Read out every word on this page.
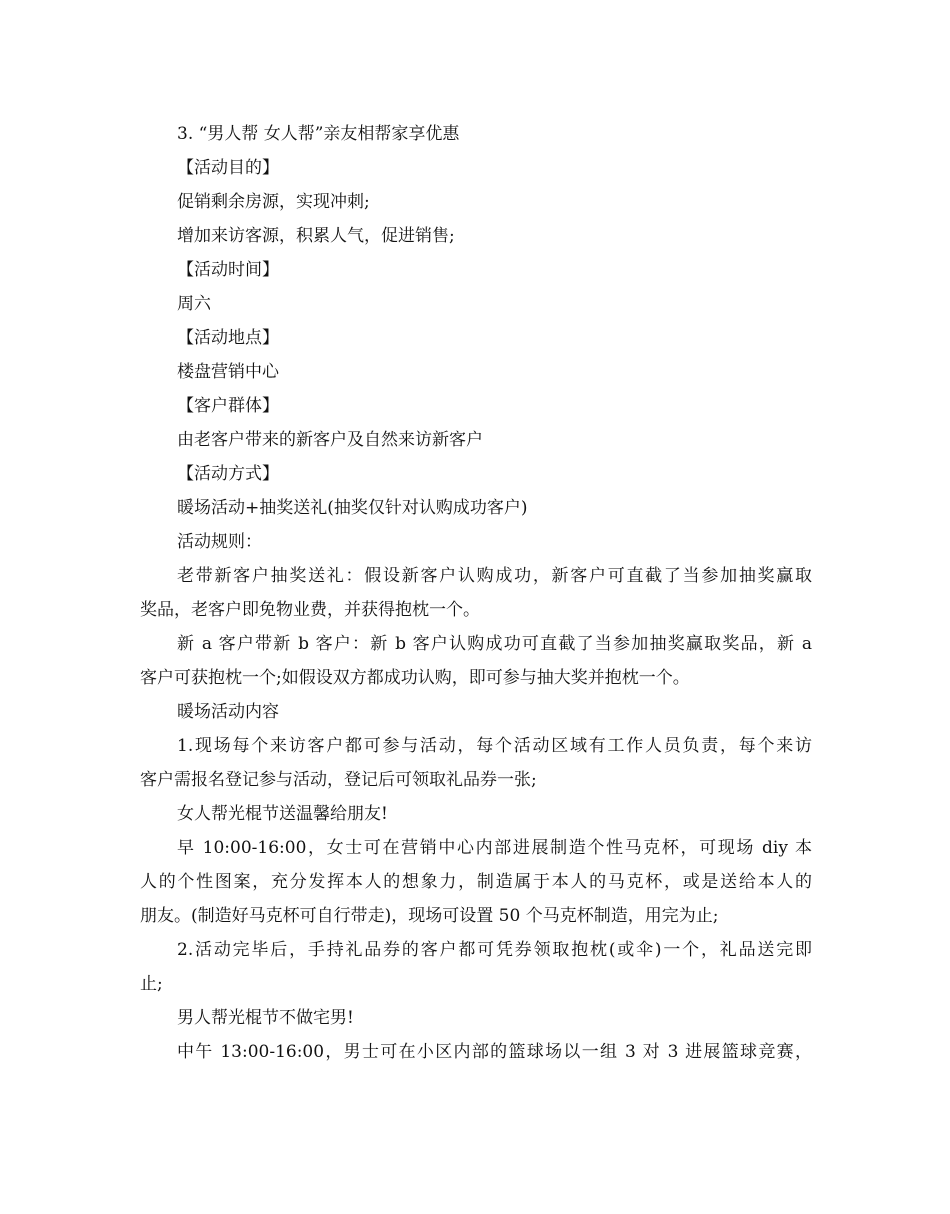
3. “男人帮 女人帮”亲友相帮家享优惠
【活动目的】
促销剩余房源，实现冲刺;
增加来访客源，积累人气，促进销售;
【活动时间】
周六
【活动地点】
楼盘营销中心
【客户群体】
由老客户带来的新客户及自然来访新客户
【活动方式】
暖场活动+抽奖送礼(抽奖仅针对认购成功客户)
活动规则：
老带新客户抽奖送礼：假设新客户认购成功，新客户可直截了当参加抽奖赢取
奖品，老客户即免物业费，并获得抱枕一个。
新 a 客户带新 b 客户：新 b 客户认购成功可直截了当参加抽奖赢取奖品，新 a
客户可获抱枕一个;如假设双方都成功认购，即可参与抽大奖并抱枕一个。
暖场活动内容
1.现场每个来访客户都可参与活动，每个活动区域有工作人员负责，每个来访
客户需报名登记参与活动，登记后可领取礼品券一张;
女人帮光棍节送温馨给朋友!
早 10:00-16:00，女士可在营销中心内部进展制造个性马克杯，可现场 diy 本
人的个性图案，充分发挥本人的想象力，制造属于本人的马克杯，或是送给本人的
朋友。(制造好马克杯可自行带走)，现场可设置 50 个马克杯制造，用完为止;
2.活动完毕后，手持礼品券的客户都可凭券领取抱枕(或伞)一个，礼品送完即
止;
男人帮光棍节不做宅男!
中午 13:00-16:00，男士可在小区内部的篮球场以一组 3 对 3 进展篮球竞赛，
